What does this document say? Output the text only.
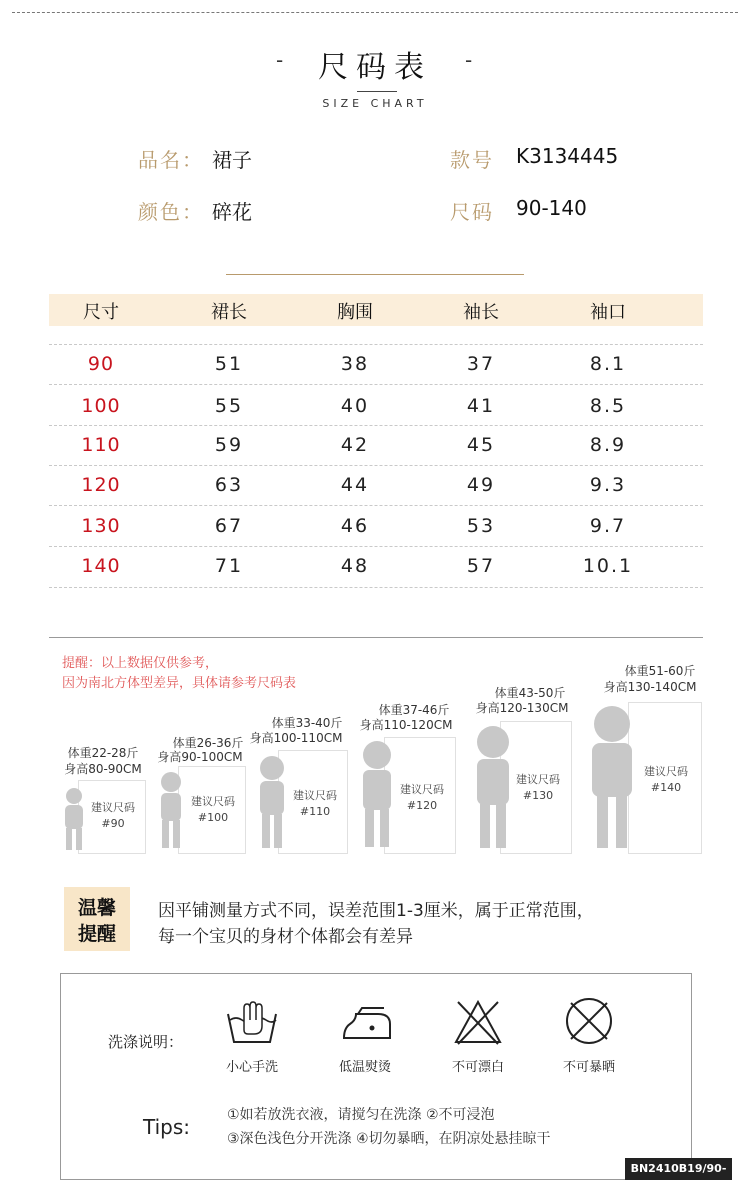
-	尺码表	-
SIZE CHART
品名： 裙子	款号 K3134445
颜色： 碎花	尺码 90-140
尺寸	裙长	胸围	袖长	袖口
90	51	38	37	8.1
100	55	40	41	8.5
110	59	42	45	8.9
120	63	44	49	9.3
130	67	46	53	9.7
140	71	48	57	10.1
提醒：以上数据仅供参考，
因为南北方体型差异，具体请参考尺码表
体重22-28斤
身高80-90CM
建议尺码
#90
体重26-36斤
身高90-100CM
建议尺码
#100
体重33-40斤
身高100-110CM
建议尺码
#110
体重37-46斤
身高110-120CM
建议尺码
#120
体重43-50斤
身高120-130CM
建议尺码
#130
体重51-60斤
身高130-140CM
建议尺码
#140
温馨
提醒
因平铺测量方式不同，误差范围1-3厘米，属于正常范围，
每一个宝贝的身材个体都会有差异
洗涤说明：
小心手洗	低温熨烫	不可漂白	不可暴晒
Tips:	①如若放洗衣液，请搅匀在洗涤 ②不可浸泡
③深色浅色分开洗涤 ④切勿暴晒，在阴凉处悬挂晾干
BN2410B19/90-140
